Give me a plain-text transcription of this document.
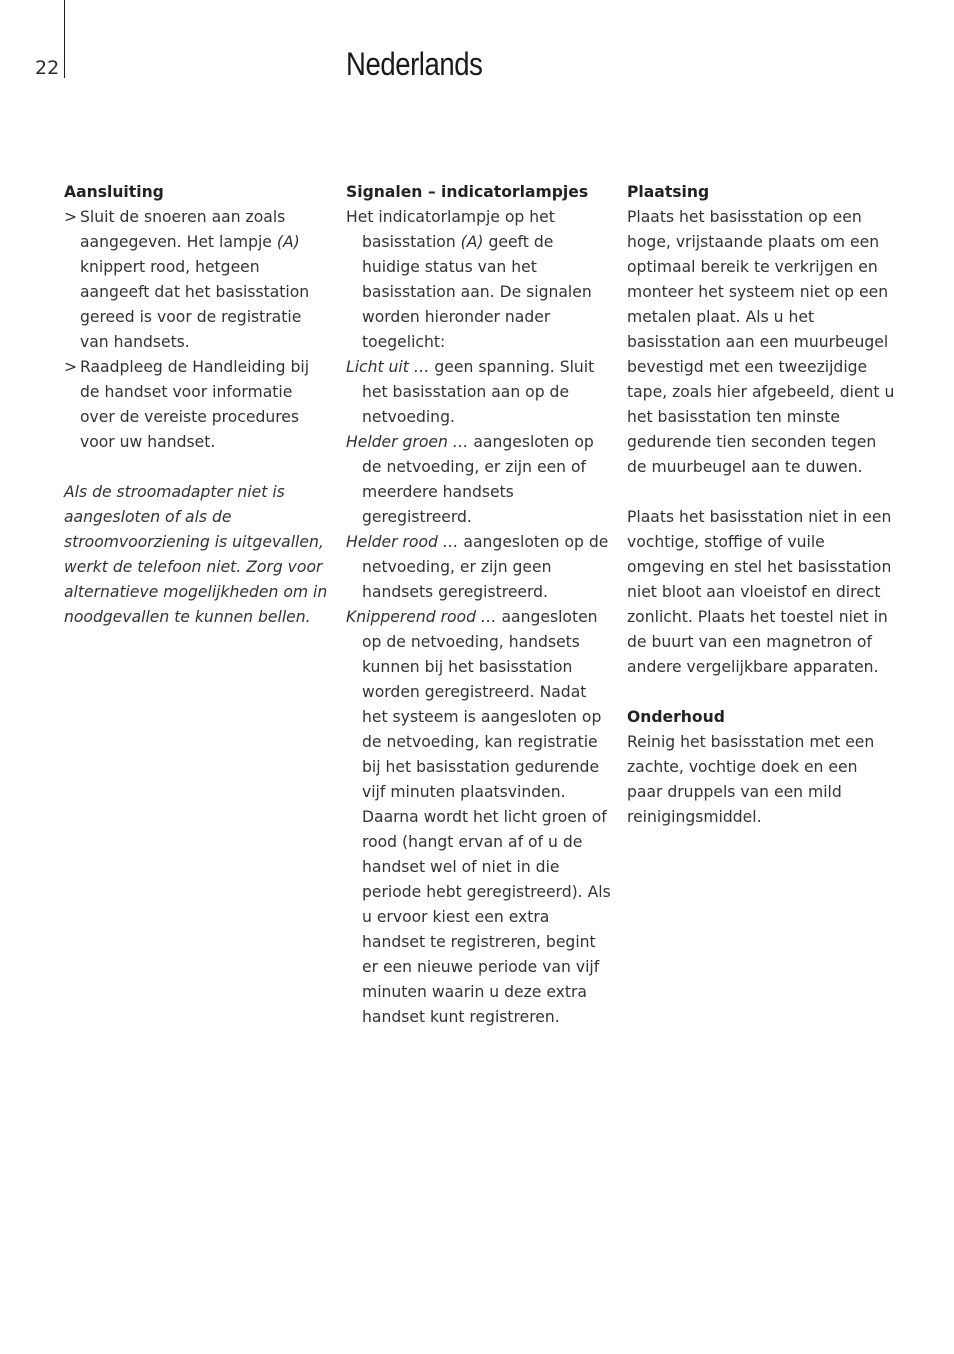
22	Nederlands
Aansluiting
> Sluit de snoeren aan zoals aangegeven. Het lampje (A) knippert rood, hetgeen aangeeft dat het basisstation gereed is voor de registratie van handsets.

> Raadpleeg de Handleiding bij de handset voor informatie over de vereiste procedures voor uw handset.

Als de stroomadapter niet is aangesloten of als de stroomvoorziening is uitgevallen, werkt de telefoon niet. Zorg voor alternatieve mogelijkheden om in noodgevallen te kunnen bellen.

Signalen – indicatorlampjes

Het indicatorlampje op het basisstation (A) geeft de huidige status van het basisstation aan. De signalen worden hieronder nader toegelicht:

Licht uit … geen spanning. Sluit het basisstation aan op de netvoeding.

Helder groen … aangesloten op de netvoeding, er zijn een of meerdere handsets geregistreerd.

Helder rood … aangesloten op de netvoeding, er zijn geen handsets geregistreerd.

Knipperend rood … aangesloten op de netvoeding, handsets kunnen bij het basisstation worden geregistreerd. Nadat het systeem is aangesloten op de netvoeding, kan registratie bij het basisstation gedurende vijf minuten plaatsvinden. Daarna wordt het licht groen of rood (hangt ervan af of u de handset wel of niet in die periode hebt geregistreerd). Als u ervoor kiest een extra handset te registreren, begint er een nieuwe periode van vijf minuten waarin u deze extra handset kunt registreren.

Plaatsing

Plaats het basisstation op een hoge, vrijstaande plaats om een optimaal bereik te verkrijgen en monteer het systeem niet op een metalen plaat. Als u het basisstation aan een muurbeugel bevestigd met een tweezijdige tape, zoals hier afgebeeld, dient u het basisstation ten minste gedurende tien seconden tegen de muurbeugel aan te duwen.

Plaats het basisstation niet in een vochtige, stoffige of vuile omgeving en stel het basisstation niet bloot aan vloeistof en direct zonlicht. Plaats het toestel niet in de buurt van een magnetron of andere vergelijkbare apparaten.

Onderhoud

Reinig het basisstation met een zachte, vochtige doek en een paar druppels van een mild reinigingsmiddel.
